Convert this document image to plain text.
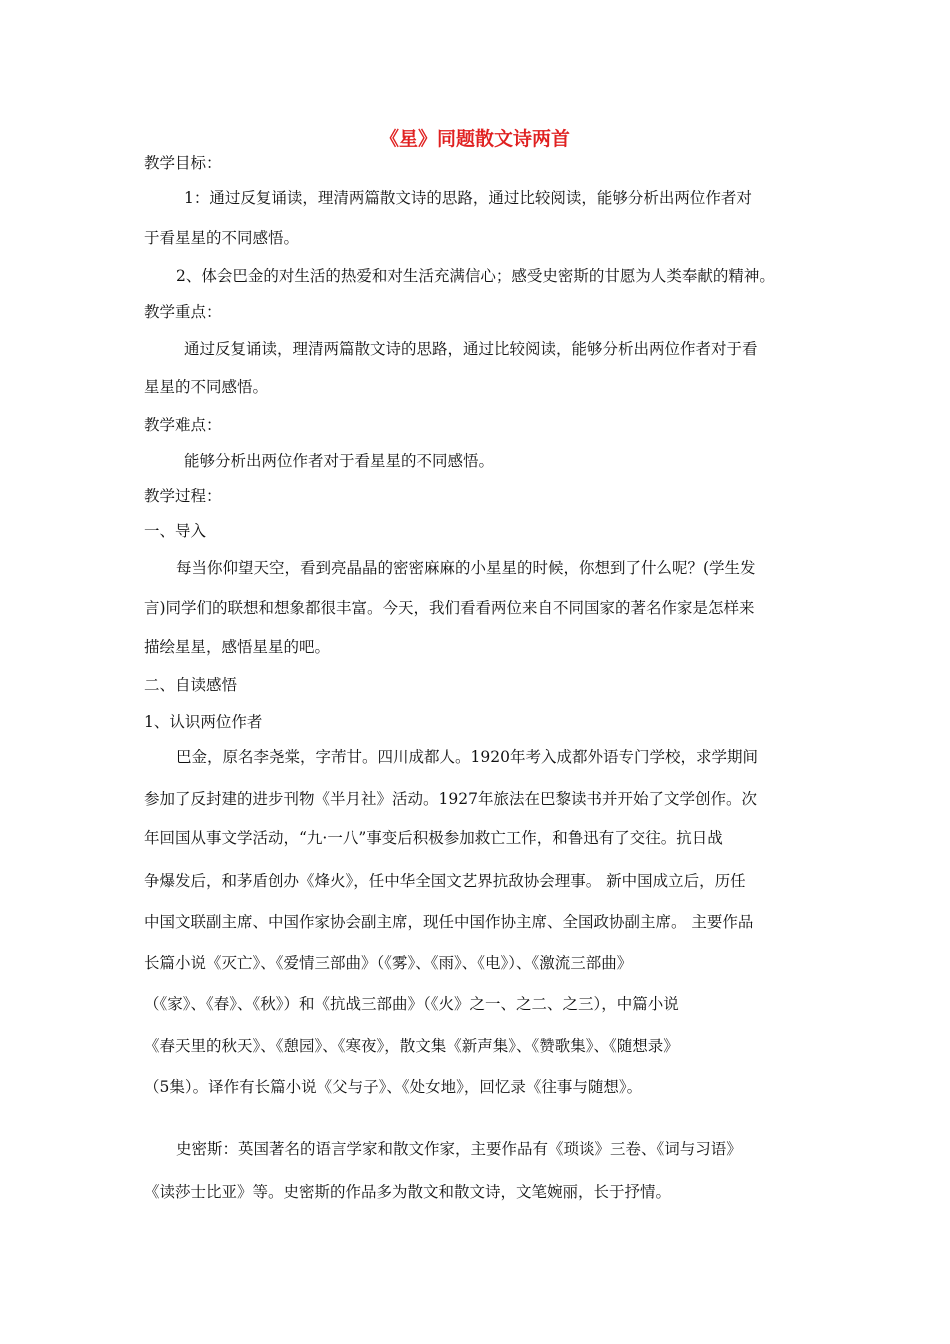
《星》同题散文诗两首
教学目标：
1：通过反复诵读，理清两篇散文诗的思路，通过比较阅读，能够分析出两位作者对
于看星星的不同感悟。
2、体会巴金的对生活的热爱和对生活充满信心；感受史密斯的甘愿为人类奉献的精神。
教学重点：
通过反复诵读，理清两篇散文诗的思路，通过比较阅读，能够分析出两位作者对于看
星星的不同感悟。
教学难点：
能够分析出两位作者对于看星星的不同感悟。
教学过程：
一、导入
每当你仰望天空，看到亮晶晶的密密麻麻的小星星的时候，你想到了什么呢？(学生发
言)同学们的联想和想象都很丰富。今天，我们看看两位来自不同国家的著名作家是怎样来
描绘星星，感悟星星的吧。
二、自读感悟
1、认识两位作者
巴金，原名李尧棠，字芾甘。四川成都人。1920年考入成都外语专门学校，求学期间
参加了反封建的进步刊物《半月社》活动。1927年旅法在巴黎读书并开始了文学创作。次
年回国从事文学活动，“九·一八”事变后积极参加救亡工作，和鲁迅有了交往。抗日战
争爆发后，和茅盾创办《烽火》，任中华全国文艺界抗敌协会理事。 新中国成立后，历任
中国文联副主席、中国作家协会副主席，现任中国作协主席、全国政协副主席。 主要作品
长篇小说《灭亡》、《爱情三部曲》（《雾》、《雨》、《电》）、《激流三部曲》
（《家》、《春》、《秋》）和《抗战三部曲》（《火》之一、之二、之三），中篇小说
《春天里的秋天》、《憩园》、《寒夜》，散文集《新声集》、《赞歌集》、《随想录》
（5集）。译作有长篇小说《父与子》、《处女地》，回忆录《往事与随想》。
史密斯：英国著名的语言学家和散文作家，主要作品有《琐谈》三卷、《词与习语》
《读莎士比亚》等。史密斯的作品多为散文和散文诗，文笔婉丽，长于抒情。
